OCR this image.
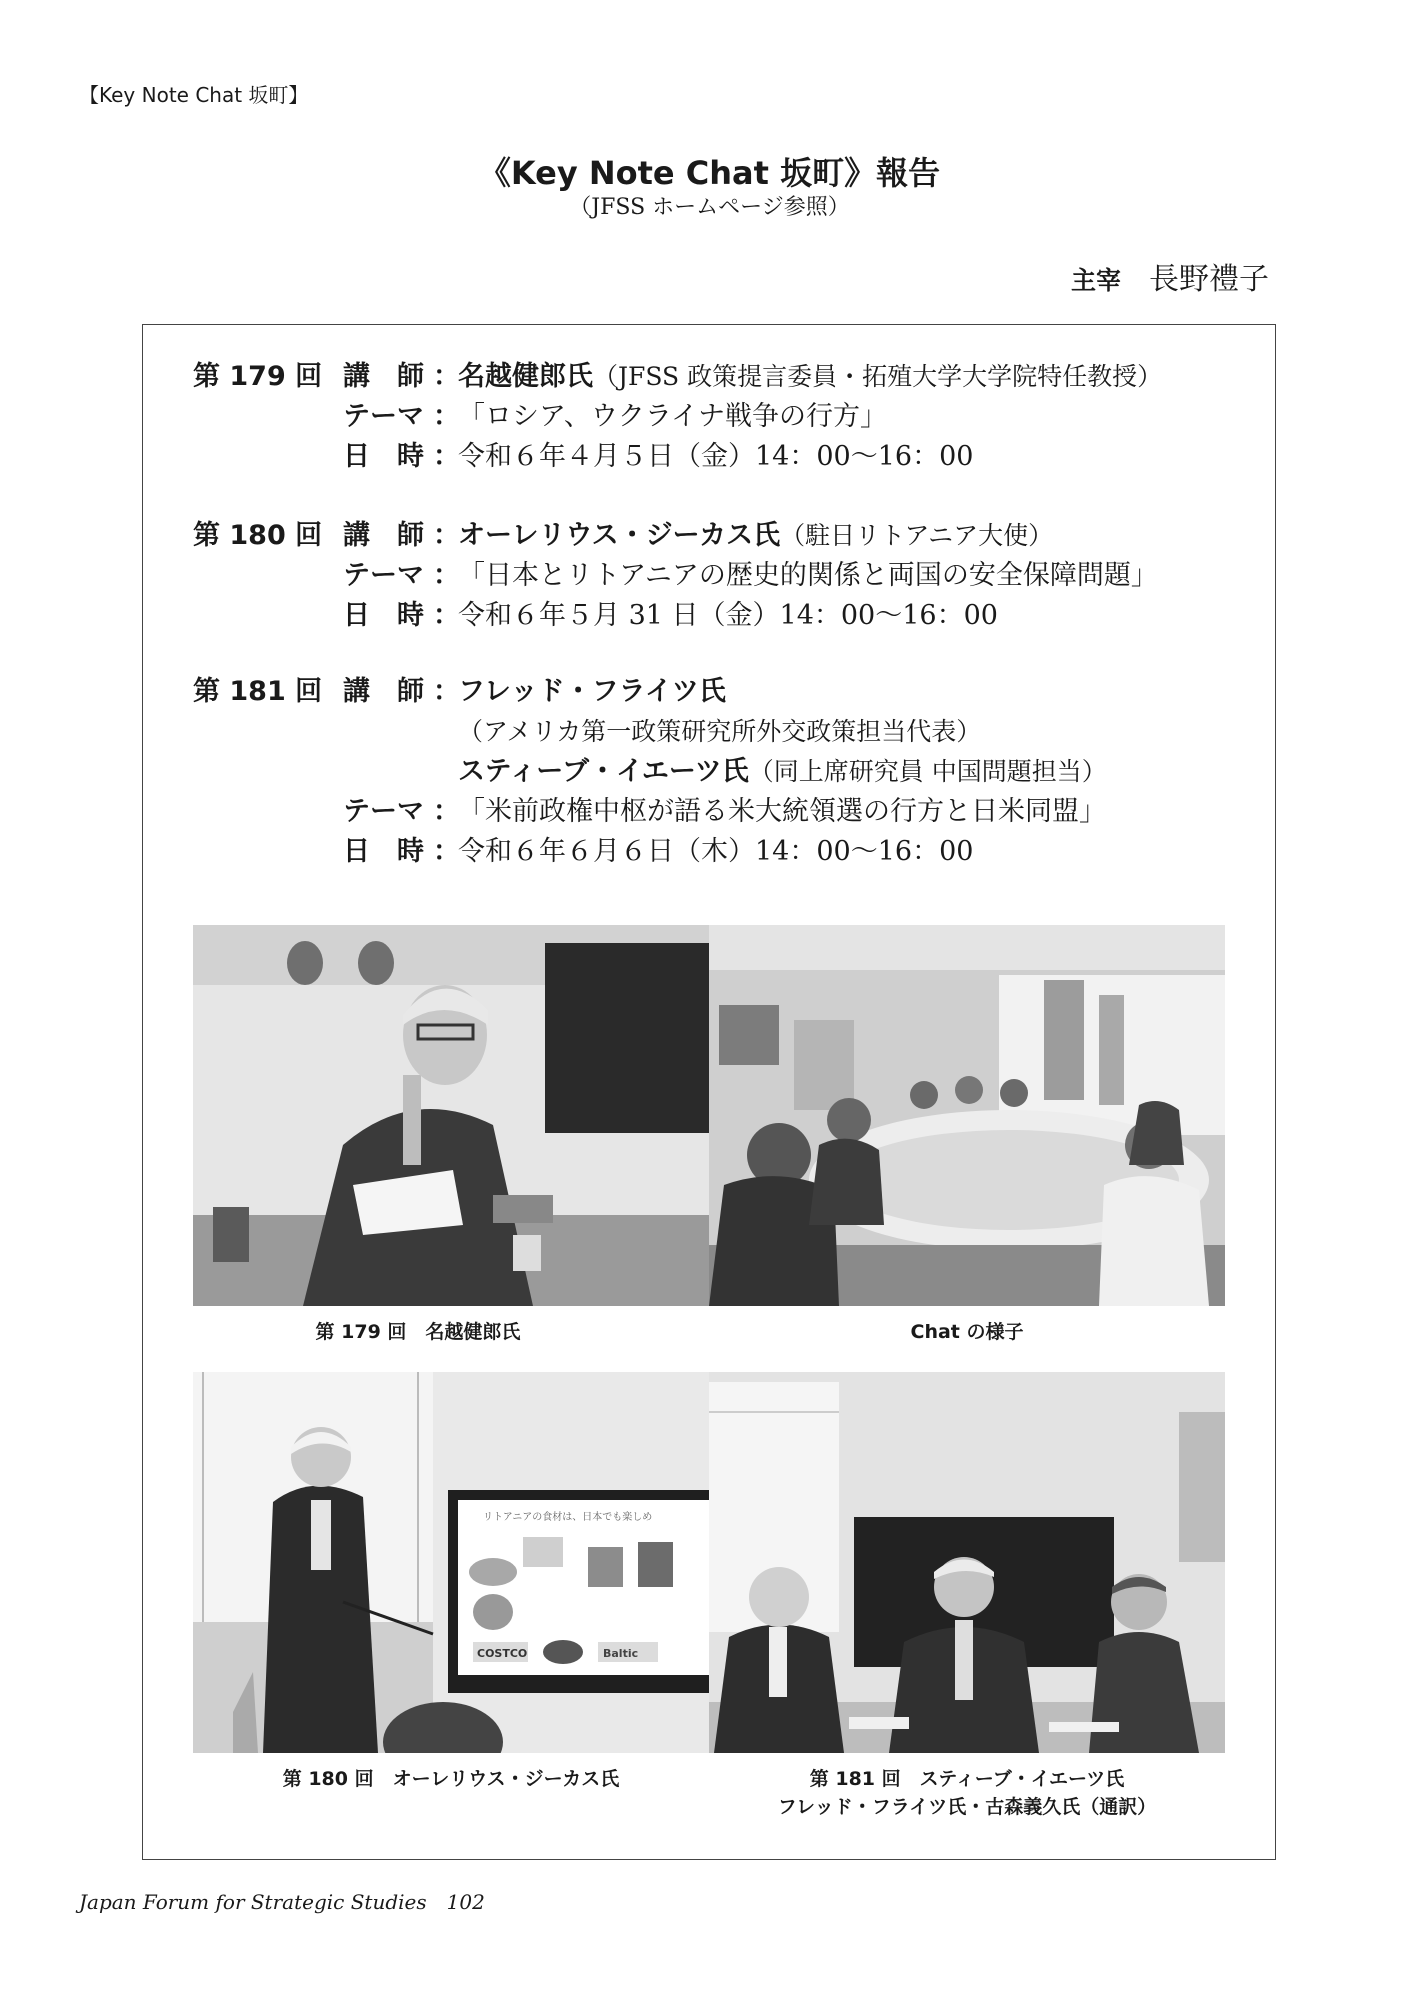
【Key Note Chat 坂町】
《Key Note Chat 坂町》報告
（JFSS ホームページ参照）
主宰 長野禮子
第 179 回 講　師 ：
名越健郎氏（JFSS 政策提言委員・拓殖大学大学院特任教授）
テーマ ：
「ロシア、ウクライナ戦争の行方」
日　時 ：
令和６年４月５日（金）14：00〜16：00
第 180 回 講　師 ：
オーレリウス・ジーカス氏（駐日リトアニア大使）
テーマ ：
「日本とリトアニアの歴史的関係と両国の安全保障問題」
日　時 ：
令和６年５月 31 日（金）14：00〜16：00
第 181 回 講　師 ：
フレッド・フライツ氏
（アメリカ第一政策研究所外交政策担当代表）
スティーブ・イエーツ氏（同上席研究員 中国問題担当）
テーマ ：
「米前政権中枢が語る米大統領選の行方と日米同盟」
日　時 ：
令和６年６月６日（木）14：00〜16：00
第 179 回　名越健郎氏	Chat の様子
リトアニアの食材は、日本でも楽しめ
COSTCO	Baltic
第 180 回　オーレリウス・ジーカス氏	第 181 回　スティーブ・イエーツ氏
フレッド・フライツ氏・古森義久氏（通訳）
Japan Forum for Strategic Studies　102
